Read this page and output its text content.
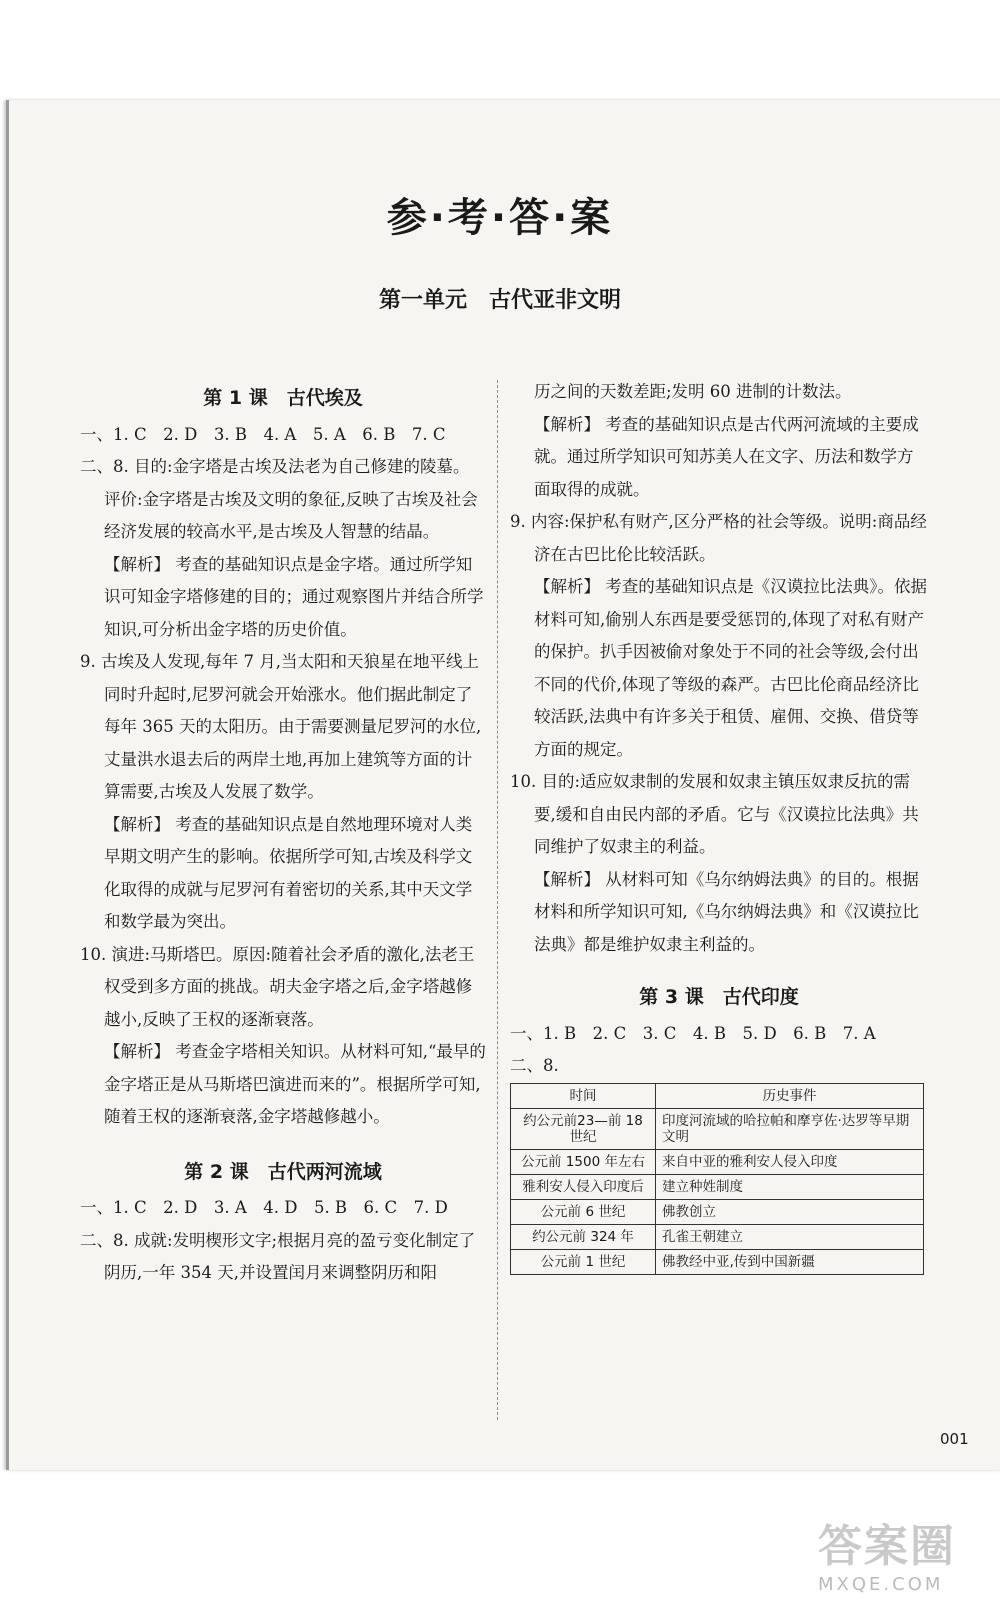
参·考·答·案
第一单元　古代亚非文明

第 1 课　古代埃及

一、1. C　2. D　3. B　4. A　5. A　6. B　7. C

二、8. 目的:金字塔是古埃及法老为自己修建的陵墓。评价:金字塔是古埃及文明的象征,反映了古埃及社会经济发展的较高水平,是古埃及人智慧的结晶。

【解析】 考查的基础知识点是金字塔。通过所学知识可知金字塔修建的目的；通过观察图片并结合所学知识,可分析出金字塔的历史价值。

9. 古埃及人发现,每年 7 月,当太阳和天狼星在地平线上同时升起时,尼罗河就会开始涨水。他们据此制定了每年 365 天的太阳历。由于需要测量尼罗河的水位,丈量洪水退去后的两岸土地,再加上建筑等方面的计算需要,古埃及人发展了数学。

【解析】 考查的基础知识点是自然地理环境对人类早期文明产生的影响。依据所学可知,古埃及科学文化取得的成就与尼罗河有着密切的关系,其中天文学和数学最为突出。

10. 演进:马斯塔巴。原因:随着社会矛盾的激化,法老王权受到多方面的挑战。胡夫金字塔之后,金字塔越修越小,反映了王权的逐渐衰落。

【解析】 考查金字塔相关知识。从材料可知,“最早的金字塔正是从马斯塔巴演进而来的”。根据所学可知,随着王权的逐渐衰落,金字塔越修越小。

第 2 课　古代两河流域

一、1. C　2. D　3. A　4. D　5. B　6. C　7. D

二、8. 成就:发明楔形文字;根据月亮的盈亏变化制定了阴历,一年 354 天,并设置闰月来调整阴历和阳

历之间的天数差距;发明 60 进制的计数法。

【解析】 考查的基础知识点是古代两河流域的主要成就。通过所学知识可知苏美人在文字、历法和数学方面取得的成就。

9. 内容:保护私有财产,区分严格的社会等级。说明:商品经济在古巴比伦比较活跃。

【解析】 考查的基础知识点是《汉谟拉比法典》。依据材料可知,偷别人东西是要受惩罚的,体现了对私有财产的保护。扒手因被偷对象处于不同的社会等级,会付出不同的代价,体现了等级的森严。古巴比伦商品经济比较活跃,法典中有许多关于租赁、雇佣、交换、借贷等方面的规定。

10. 目的:适应奴隶制的发展和奴隶主镇压奴隶反抗的需要,缓和自由民内部的矛盾。它与《汉谟拉比法典》共同维护了奴隶主的利益。

【解析】 从材料可知《乌尔纳姆法典》的目的。根据材料和所学知识可知,《乌尔纳姆法典》和《汉谟拉比法典》都是维护奴隶主利益的。

第 3 课　古代印度

一、1. B　2. C　3. C　4. B　5. D　6. B　7. A

二、8.

时间	历史事件
约公元前23—前 18 世纪	印度河流域的哈拉帕和摩亨佐·达罗等早期文明
公元前 1500 年左右	来自中亚的雅利安人侵入印度
雅利安人侵入印度后	建立种姓制度
公元前 6 世纪	佛教创立
约公元前 324 年	孔雀王朝建立
公元前 1 世纪	佛教经中亚,传到中国新疆
001
答案圈
MXQE.COM
